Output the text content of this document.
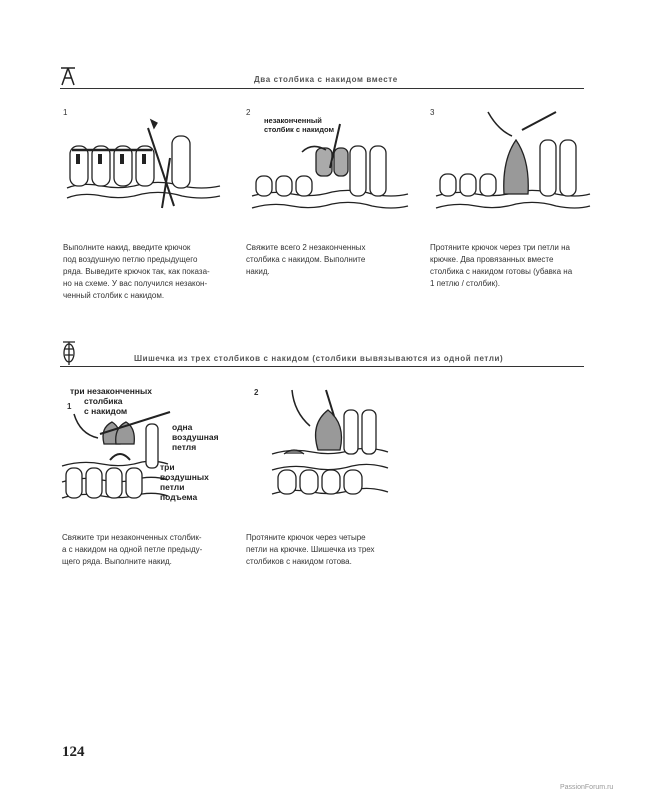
Два столбика с накидом вместе
1	2	3
незаконченный
столбик с накидом
Выполните накид, введите крючок
под воздушную петлю предыдущего
ряда. Выведите крючок так, как показа-
но на схеме. У вас получился незакон-
ченный столбик с накидом.
Свяжите всего 2 незаконченных
столбика с накидом. Выполните
накид.
Протяните крючок через три петли на
крючке. Два провязанных вместе
столбика с накидом готовы (убавка на
1 петлю / столбик).
Шишечка из трех столбиков с накидом (столбики вывязываются из одной петли)
1
три незаконченных
столбика
с накидом
одна
воздушная
петля
три
воздушных
петли
подъема
2
Свяжите три незаконченных столбик-
а с накидом на одной петле предыду-
щего ряда. Выполните накид.
Протяните крючок через четыре
петли на крючке. Шишечка из трех
столбиков с накидом готова.
124
PassionForum.ru
